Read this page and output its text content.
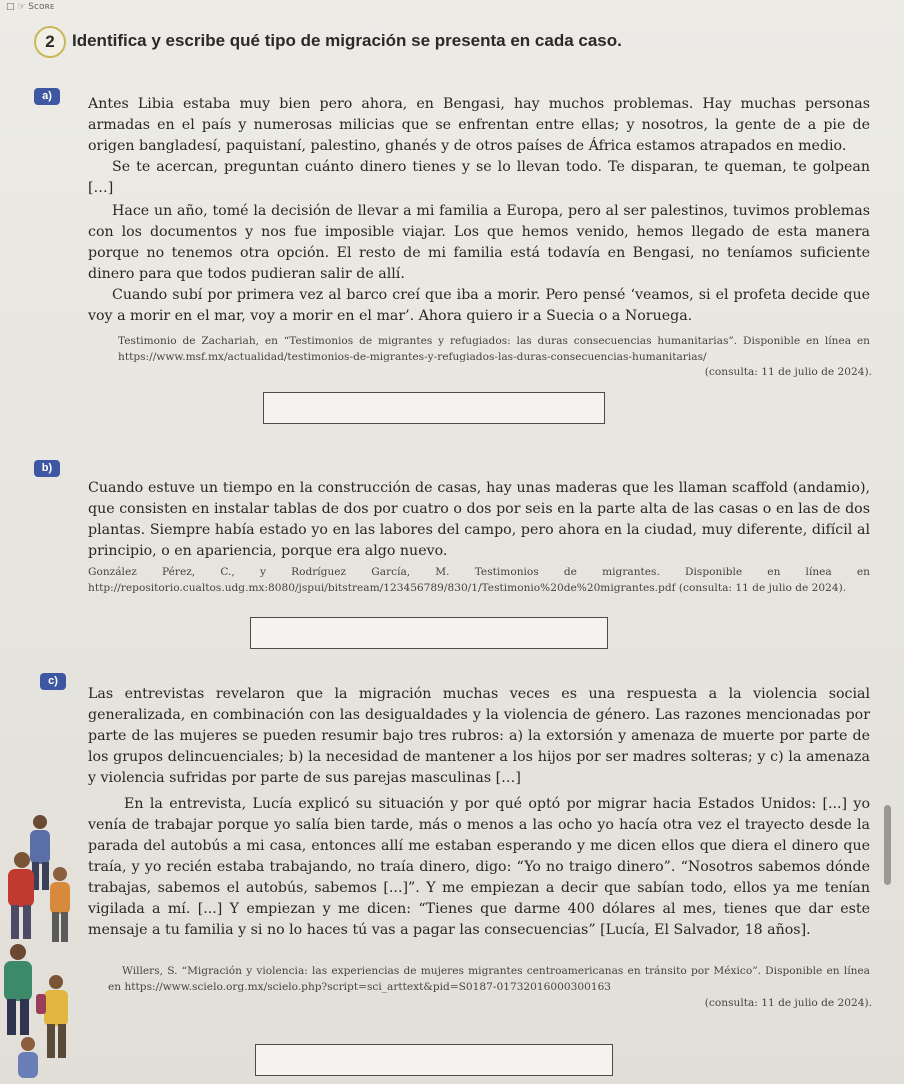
□ ☞ Sᴄᴏʀᴇ
2	Identifica y escribe qué tipo de migración se presenta en cada caso.
a)	Antes Libia estaba muy bien pero ahora, en Bengasi, hay muchos problemas. Hay muchas personas armadas en el país y numerosas milicias que se enfrentan entre ellas; y nosotros, la gente de a pie de origen bangladesí, paquistaní, palestino, ghanés y de otros países de África estamos atrapados en medio.

Se te acercan, preguntan cuánto dinero tienes y se lo llevan todo. Te disparan, te queman, te golpean […]

Hace un año, tomé la decisión de llevar a mi familia a Europa, pero al ser palestinos, tuvimos problemas con los documentos y nos fue imposible viajar. Los que hemos venido, hemos llegado de esta manera porque no tenemos otra opción. El resto de mi familia está todavía en Bengasi, no teníamos suficiente dinero para que todos pudieran salir de allí.

Cuando subí por primera vez al barco creí que iba a morir. Pero pensé ‘veamos, si el profeta decide que voy a morir en el mar, voy a morir en el mar’. Ahora quiero ir a Suecia o a Noruega.

Testimonio de Zachariah, en “Testimonios de migrantes y refugiados: las duras consecuencias humanitarias”. Disponible en línea en https://www.msf.mx/actualidad/testimonios-de-migrantes-y-refugiados-las-duras-consecuencias-humanitarias/

(consulta: 11 de julio de 2024).
b)

Cuando estuve un tiempo en la construcción de casas, hay unas maderas que les llaman scaffold (andamio), que consisten en instalar tablas de dos por cuatro o dos por seis en la parte alta de las casas o en las de dos plantas. Siempre había estado yo en las labores del campo, pero ahora en la ciudad, muy diferente, difícil al principio, o en apariencia, porque era algo nuevo.

González Pérez, C., y Rodríguez García, M. Testimonios de migrantes. Disponible en línea en http://repositorio.cualtos.udg.mx:8080/jspui/bitstream/123456789/830/1/Testimonio%20de%20migrantes.pdf (consulta: 11 de julio de 2024).

c)

Las entrevistas revelaron que la migración muchas veces es una respuesta a la violencia social generalizada, en combinación con las desigualdades y la violencia de género. Las razones mencionadas por parte de las mujeres se pueden resumir bajo tres rubros: a) la extorsión y amenaza de muerte por parte de los grupos delincuenciales; b) la necesidad de mantener a los hijos por ser madres solteras; y c) la amenaza y violencia sufridas por parte de sus parejas masculinas […]

En la entrevista, Lucía explicó su situación y por qué optó por migrar hacia Estados Unidos: [...] yo venía de trabajar porque yo salía bien tarde, más o menos a las ocho yo hacía otra vez el trayecto desde la parada del autobús a mi casa, entonces allí me estaban esperando y me dicen ellos que diera el dinero que traía, y yo recién estaba trabajando, no traía dinero, digo: “Yo no traigo dinero”. “Nosotros sabemos dónde trabajas, sabemos el autobús, sabemos [...]”. Y me empiezan a decir que sabían todo, ellos ya me tenían vigilada a mí. [...] Y empiezan y me dicen: “Tienes que darme 400 dólares al mes, tienes que dar este mensaje a tu familia y si no lo haces tú vas a pagar las consecuencias” [Lucía, El Salvador, 18 años].

Willers, S. “Migración y violencia: las experiencias de mujeres migrantes centroamericanas en tránsito por México”. Disponible en línea en https://www.scielo.org.mx/scielo.php?script=sci_arttext&pid=S0187-01732016000300163

(consulta: 11 de julio de 2024).
